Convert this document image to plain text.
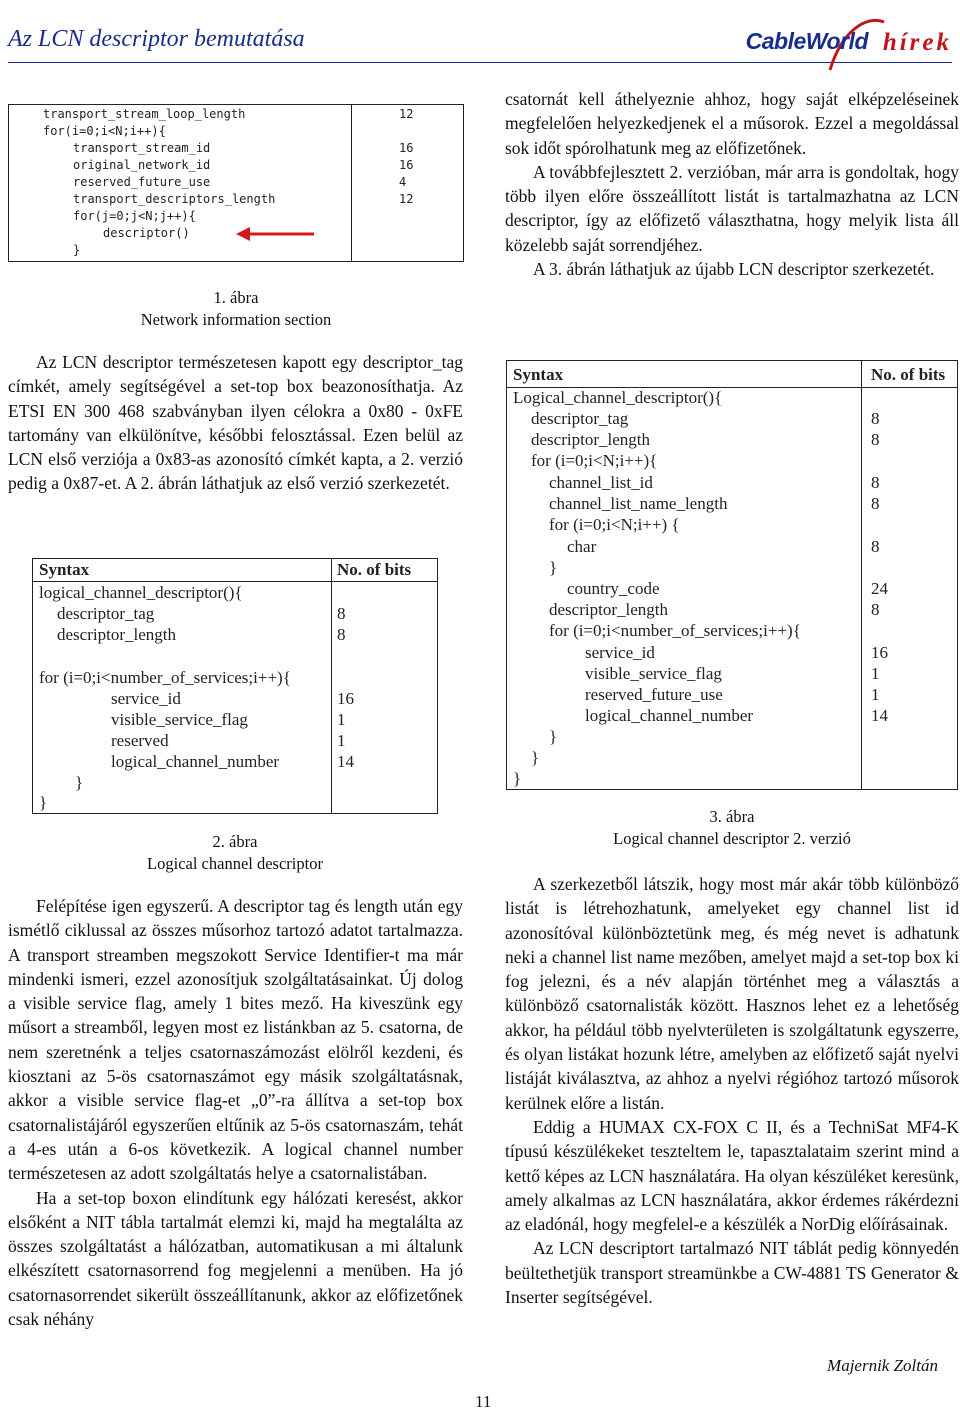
Az LCN descriptor bemutatása	CableWorld hírek
transport_stream_loop_length	12
for(i=0;i<N;i++){
transport_stream_id	16
original_network_id	16
reserved_future_use	4
transport_descriptors_length	12
for(j=0;j<N;j++){
descriptor()
}
1. ábra
Network information section

Az LCN descriptor természetesen kapott egy descriptor_tag címkét, amely segítségével a set-top box beazonosíthatja. Az ETSI EN 300 468 szabványban ilyen célokra a 0x80 - 0xFE tartomány van elkülönítve, későbbi felosztással. Ezen belül az LCN első verziója a 0x83-as azonosító címkét kapta, a 2. verzió pedig a 0x87-et. A 2. ábrán láthatjuk az első verzió szerkezetét.

Syntax	No. of bits
logical_channel_descriptor(){
descriptor_tag	8
descriptor_length	8
for (i=0;i<number_of_services;i++){
service_id	16
visible_service_flag	1
reserved	1
logical_channel_number	14
}
}
2. ábra
Logical channel descriptor

Felépítése igen egyszerű. A descriptor tag és length után egy ismétlő ciklussal az összes műsorhoz tartozó adatot tartalmazza. A transport streamben megszokott Service Identifier-t ma már mindenki ismeri, ezzel azonosítjuk szolgáltatásainkat. Új dolog a visible service flag, amely 1 bites mező. Ha kiveszünk egy műsort a streamből, legyen most ez listánkban az 5. csatorna, de nem szeretnénk a teljes csatornaszámozást elölről kezdeni, és kiosztani az 5-ös csatornaszámot egy másik szolgáltatásnak, akkor a visible service flag-et „0”-ra állítva a set-top box csatornalistájáról egyszerűen eltűnik az 5-ös csatornaszám, tehát a 4-es után a 6-os következik. A logical channel number természetesen az adott szolgáltatás helye a csatornalistában.

Ha a set-top boxon elindítunk egy hálózati keresést, akkor elsőként a NIT tábla tartalmát elemzi ki, majd ha megtalálta az összes szolgáltatást a hálózatban, automatikusan a mi általunk elkészített csatornasorrend fog megjelenni a menüben. Ha jó csatornasorrendet sikerült összeállítanunk, akkor az előfizetőnek csak néhány

csatornát kell áthelyeznie ahhoz, hogy saját elképzeléseinek megfelelően helyezkedjenek el a műsorok. Ezzel a megoldással sok időt spórolhatunk meg az előfizetőnek.

A továbbfejlesztett 2. verzióban, már arra is gondoltak, hogy több ilyen előre összeállított listát is tartalmazhatna az LCN descriptor, így az előfizető választhatna, hogy melyik lista áll közelebb saját sorrendjéhez.

A 3. ábrán láthatjuk az újabb LCN descriptor szerkezetét.

Syntax	No. of bits
Logical_channel_descriptor(){
descriptor_tag	8
descriptor_length	8
for (i=0;i<N;i++){
channel_list_id	8
channel_list_name_length	8
for (i=0;i<N;i++) {
char	8
}
country_code	24
descriptor_length	8
for (i=0;i<number_of_services;i++){
service_id	16
visible_service_flag	1
reserved_future_use	1
logical_channel_number	14
}
}
}
3. ábra
Logical channel descriptor 2. verzió

A szerkezetből látszik, hogy most már akár több különböző listát is létrehozhatunk, amelyeket egy channel list id azonosítóval különböztetünk meg, és még nevet is adhatunk neki a channel list name mezőben, amelyet majd a set-top box ki fog jelezni, és a név alapján történhet meg a választás a különböző csatornalisták között. Hasznos lehet ez a lehetőség akkor, ha például több nyelvterületen is szolgáltatunk egyszerre, és olyan listákat hozunk létre, amelyben az előfizető saját nyelvi listáját kiválasztva, az ahhoz a nyelvi régióhoz tartozó műsorok kerülnek előre a listán.

Eddig a HUMAX CX-FOX C II, és a TechniSat MF4-K típusú készülékeket teszteltem le, tapasztalataim szerint mind a kettő képes az LCN használatára. Ha olyan készüléket keresünk, amely alkalmas az LCN használatára, akkor érdemes rákérdezni az eladónál, hogy megfelel-e a készülék a NorDig előírásainak.

Az LCN descriptort tartalmazó NIT táblát pedig könnyedén beültethetjük transport streamünkbe a CW-4881 TS Generator & Inserter segítségével.

Majernik Zoltán
11
